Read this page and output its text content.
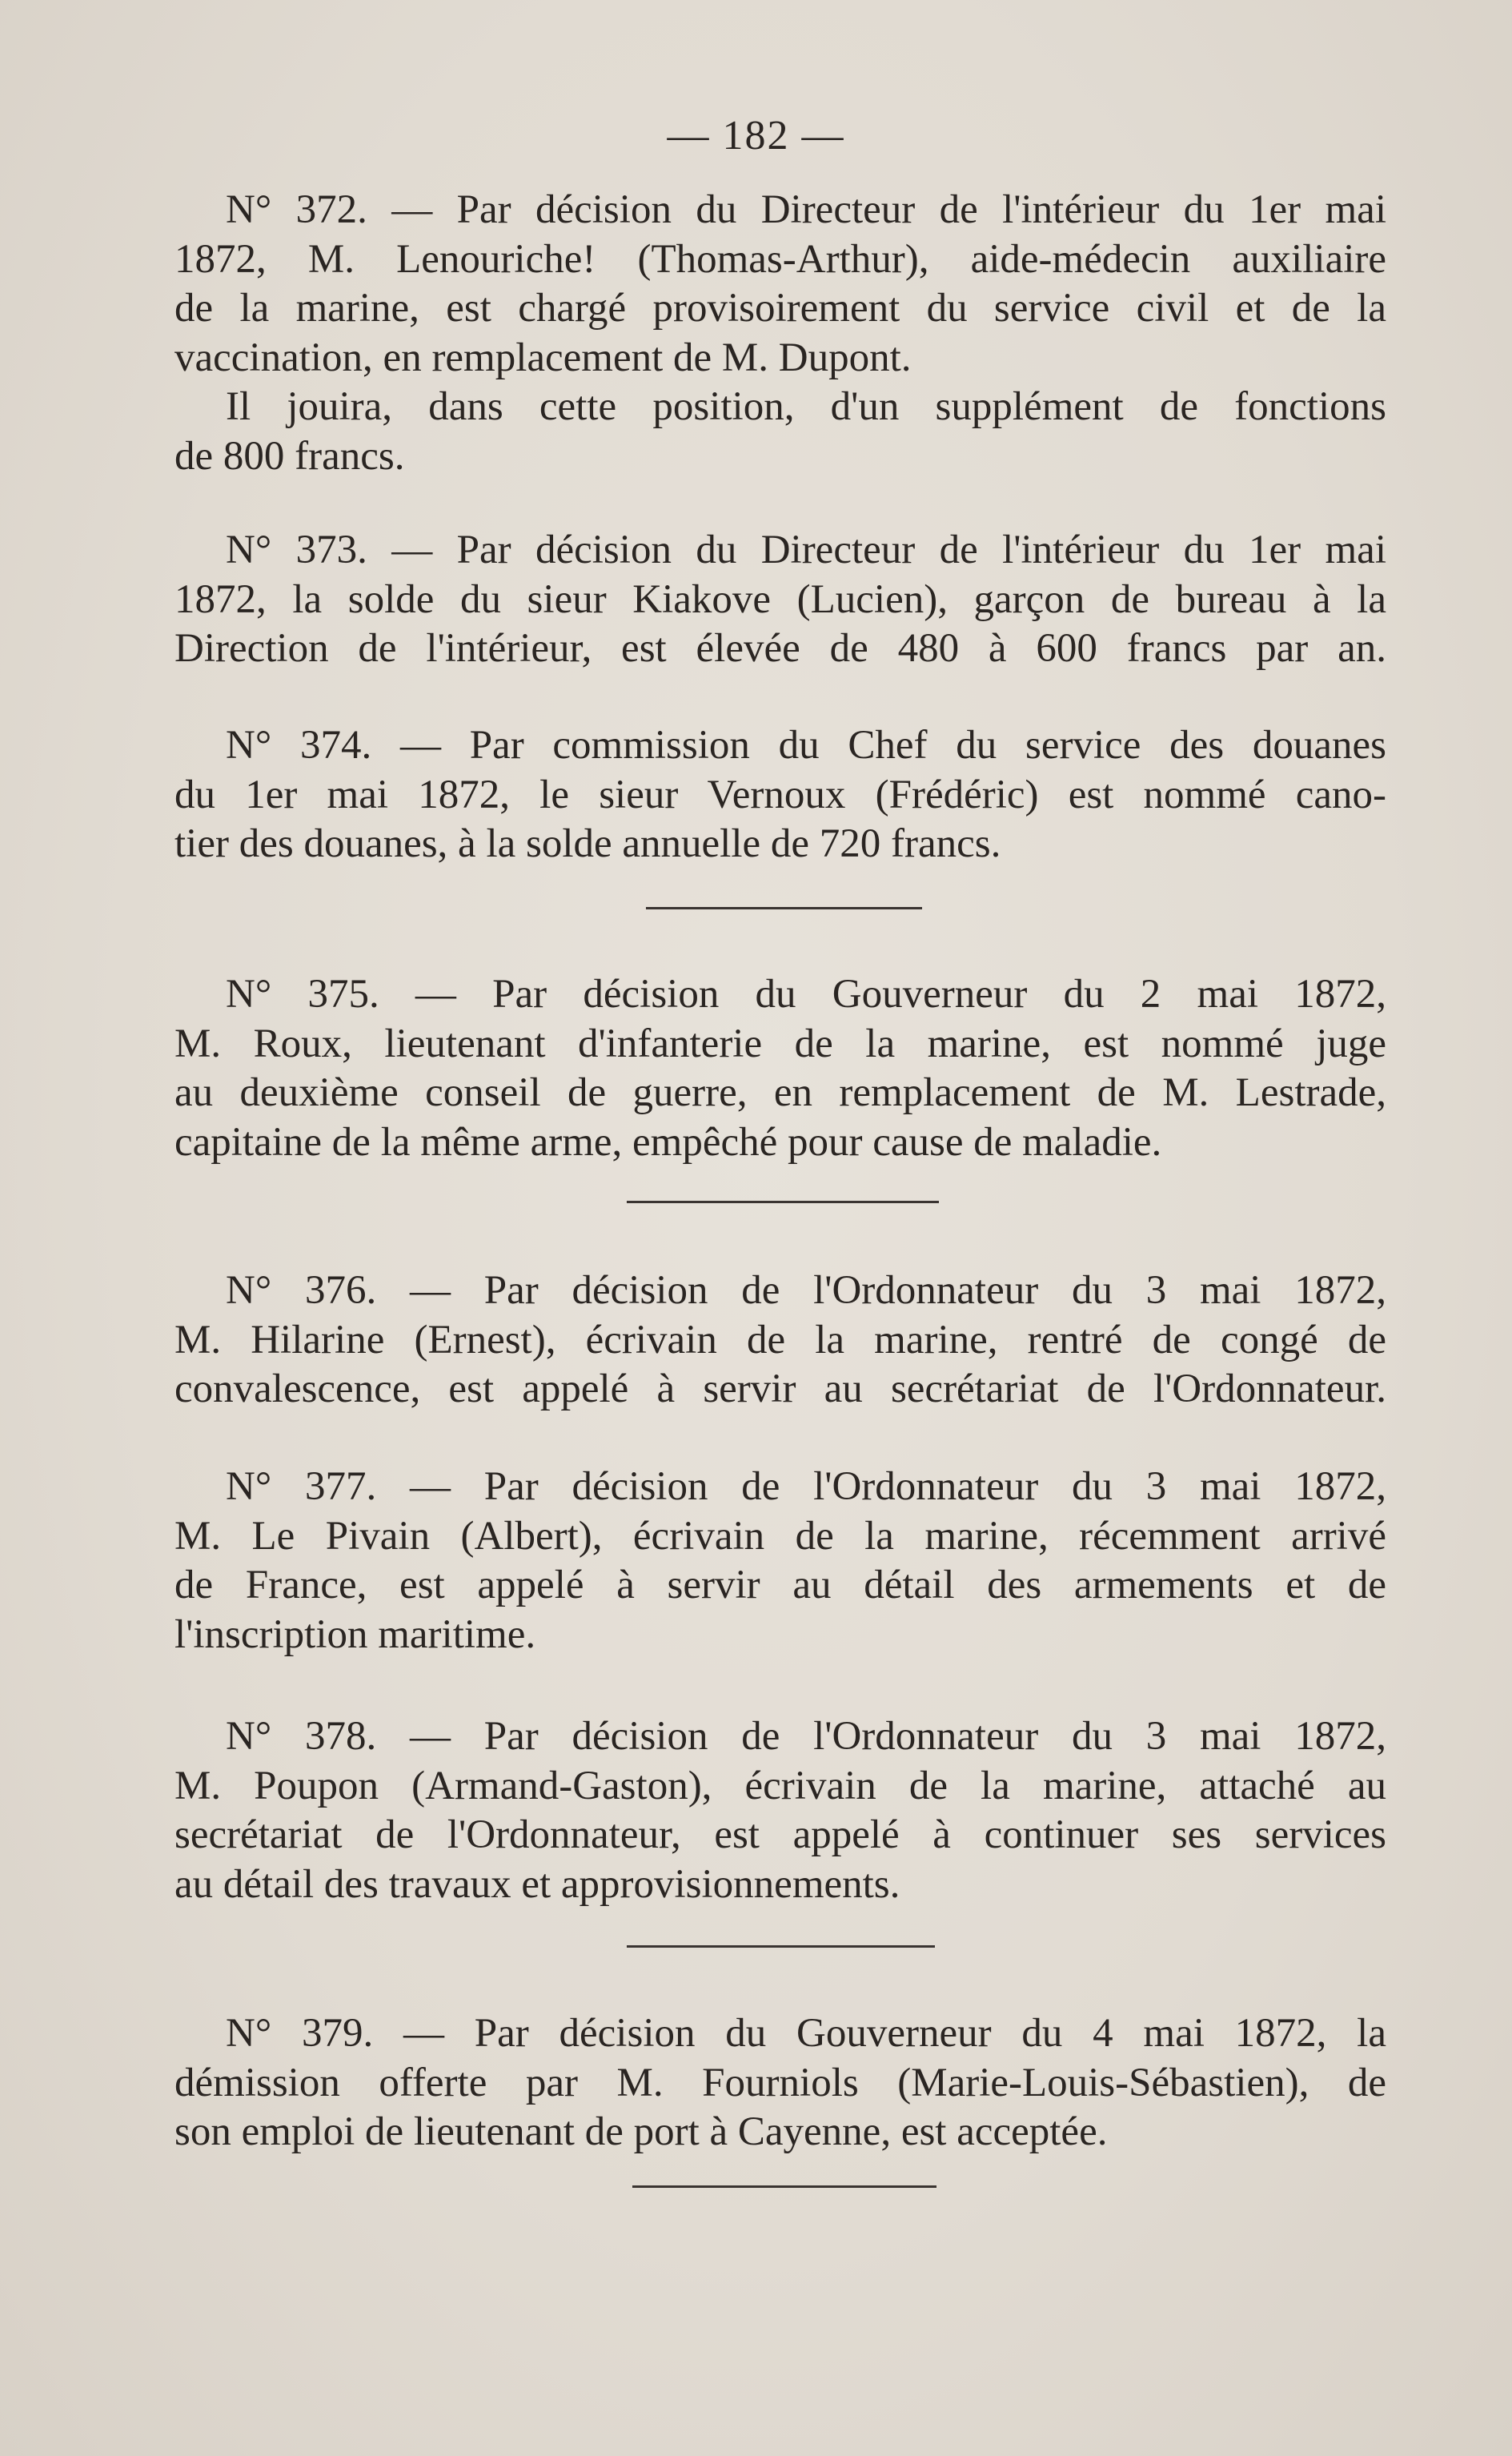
— 182 —
N° 372. — Par décision du Directeur de l'intérieur du 1er mai
1872, M. Lenouriche! (Thomas-Arthur), aide-médecin auxiliaire
de la marine, est chargé provisoirement du service civil et de la
vaccination, en remplacement de M. Dupont.
Il jouira, dans cette position, d'un supplément de fonctions
de 800 francs.
N° 373. — Par décision du Directeur de l'intérieur du 1er mai
1872, la solde du sieur Kiakove (Lucien), garçon de bureau à la
Direction de l'intérieur, est élevée de 480 à 600 francs par an.
N° 374. — Par commission du Chef du service des douanes
du 1er mai 1872, le sieur Vernoux (Frédéric) est nommé cano-
tier des douanes, à la solde annuelle de 720 francs.
N° 375. — Par décision du Gouverneur du 2 mai 1872,
M. Roux, lieutenant d'infanterie de la marine, est nommé juge
au deuxième conseil de guerre, en remplacement de M. Lestrade,
capitaine de la même arme, empêché pour cause de maladie.
N° 376. — Par décision de l'Ordonnateur du 3 mai 1872,
M. Hilarine (Ernest), écrivain de la marine, rentré de congé de
convalescence, est appelé à servir au secrétariat de l'Ordonnateur.
N° 377. — Par décision de l'Ordonnateur du 3 mai 1872,
M. Le Pivain (Albert), écrivain de la marine, récemment arrivé
de France, est appelé à servir au détail des armements et de
l'inscription maritime.
N° 378. — Par décision de l'Ordonnateur du 3 mai 1872,
M. Poupon (Armand-Gaston), écrivain de la marine, attaché au
secrétariat de l'Ordonnateur, est appelé à continuer ses services
au détail des travaux et approvisionnements.
N° 379. — Par décision du Gouverneur du 4 mai 1872, la
démission offerte par M. Fourniols (Marie-Louis-Sébastien), de
son emploi de lieutenant de port à Cayenne, est acceptée.
